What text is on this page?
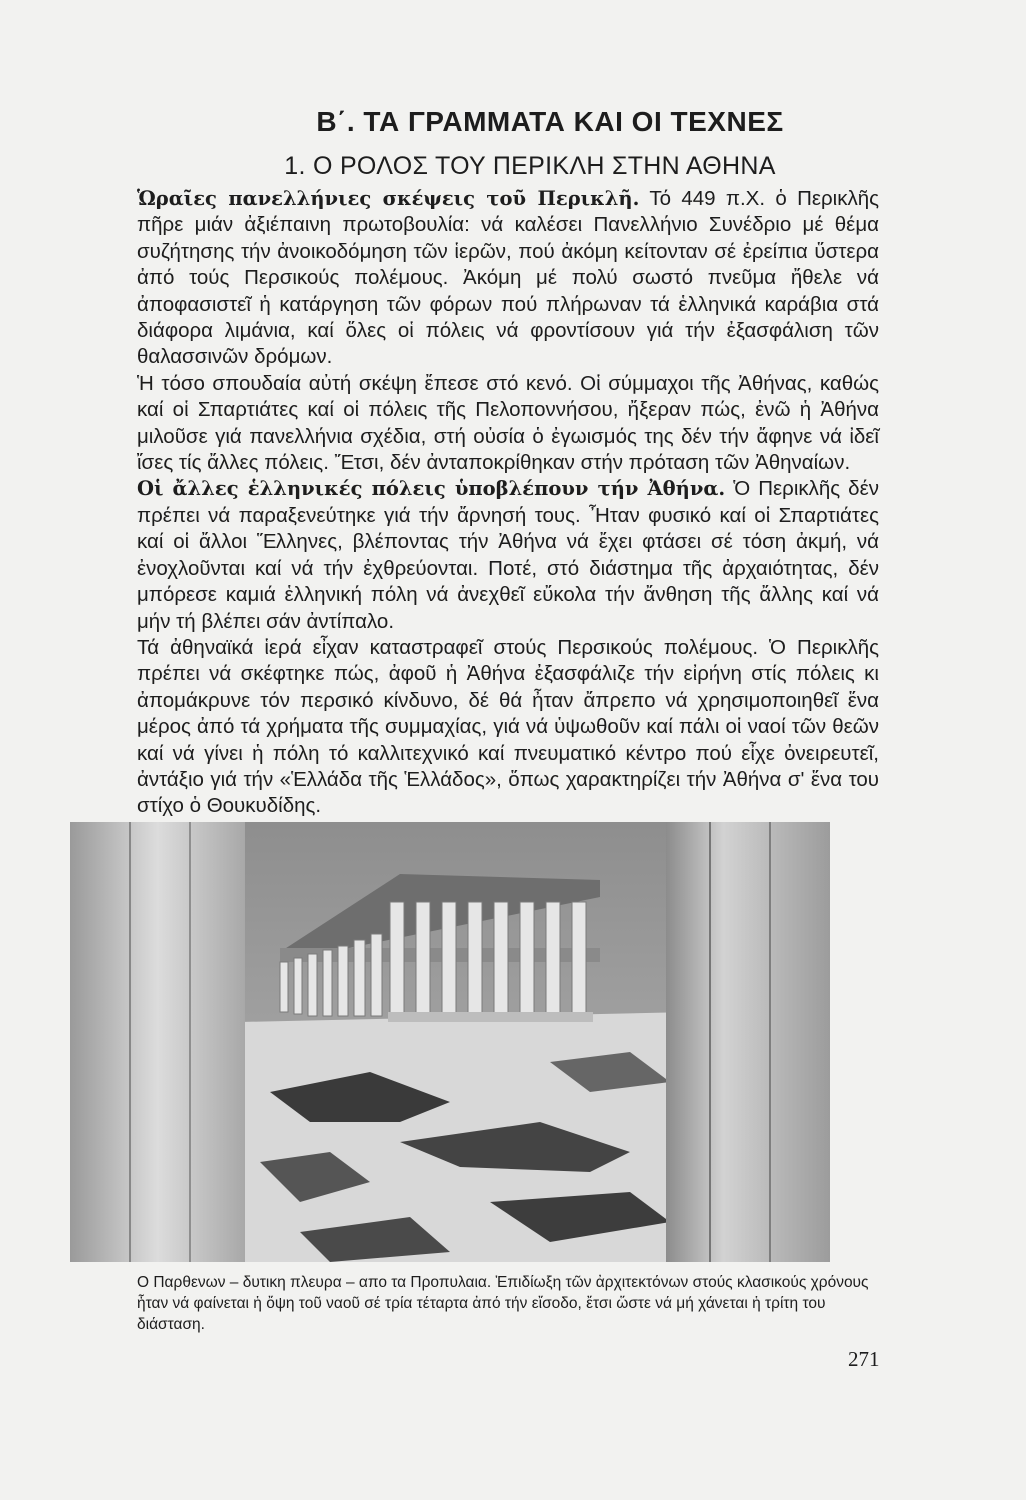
Β΄. ΤΑ ΓΡΑΜΜΑΤΑ ΚΑΙ ΟΙ ΤΕΧΝΕΣ
1. Ο ΡΟΛΟΣ ΤΟΥ ΠΕΡΙΚΛΗ ΣΤΗΝ ΑΘΗΝΑ

Ὡραῖες πανελλήνιες σκέψεις τοῦ Περικλῆ. Τό 449 π.Χ. ὁ Περικλῆς πῆρε μιάν ἀξιέπαινη πρωτοβουλία: νά καλέσει Πανελλήνιο Συνέδριο μέ θέμα συζήτησης τήν ἀνοικοδόμηση τῶν ἱερῶν, πού ἀκόμη κείτονταν σέ ἐρείπια ὕστερα ἀπό τούς Περσικούς πολέμους. Ἀκόμη μέ πολύ σωστό πνεῦμα ἤθελε νά ἀποφασιστεῖ ἡ κατάργηση τῶν φόρων πού πλήρωναν τά ἑλληνικά καράβια στά διάφορα λιμάνια, καί ὅλες οἱ πόλεις νά φροντίσουν γιά τήν ἐξασφάλιση τῶν θαλασσινῶν δρόμων.

Ἡ τόσο σπουδαία αὐτή σκέψη ἔπεσε στό κενό. Οἱ σύμμαχοι τῆς Ἀθήνας, καθώς καί οἱ Σπαρτιάτες καί οἱ πόλεις τῆς Πελοποννήσου, ἤξεραν πώς, ἐνῶ ἡ Ἀθήνα μιλοῦσε γιά πανελλήνια σχέδια, στή οὐσία ὁ ἐγωισμός της δέν τήν ἄφηνε νά ἰδεῖ ἴσες τίς ἄλλες πόλεις. Ἔτσι, δέν ἀνταποκρίθηκαν στήν πρόταση τῶν Ἀθηναίων.

Οἱ ἄλλες ἑλληνικές πόλεις ὑποβλέπουν τήν Ἀθήνα. Ὁ Περικλῆς δέν πρέπει νά παραξενεύτηκε γιά τήν ἄρνησή τους. Ἦταν φυσικό καί οἱ Σπαρτιάτες καί οἱ ἄλλοι Ἕλληνες, βλέποντας τήν Ἀθήνα νά ἔχει φτάσει σέ τόση ἀκμή, νά ἐνοχλοῦνται καί νά τήν ἐχθρεύονται. Ποτέ, στό διάστημα τῆς ἀρχαιότητας, δέν μπόρεσε καμιά ἑλληνική πόλη νά ἀνεχθεῖ εὔκολα τήν ἄνθηση τῆς ἄλλης καί νά μήν τή βλέπει σάν ἀντίπαλο.

Τά ἀθηναϊκά ἱερά εἶχαν καταστραφεῖ στούς Περσικούς πολέμους. Ὁ Περικλῆς πρέπει νά σκέφτηκε πώς, ἀφοῦ ἡ Ἀθήνα ἐξασφάλιζε τήν εἰρήνη στίς πόλεις κι ἀπομάκρυνε τόν περσικό κίνδυνο, δέ θά ἦταν ἄπρεπο νά χρησιμοποιηθεῖ ἕνα μέρος ἀπό τά χρήματα τῆς συμμαχίας, γιά νά ὑψωθοῦν καί πάλι οἱ ναοί τῶν θεῶν καί νά γίνει ἡ πόλη τό καλλιτεχνικό καί πνευματικό κέντρο πού εἶχε ὀνειρευτεῖ, ἀντάξιο γιά τήν «Ἑλλάδα τῆς Ἑλλάδος», ὅπως χαρακτηρίζει τήν Ἀθήνα σ' ἕνα του στίχο ὁ Θουκυδίδης.

Ο Παρθενων – δυτικη πλευρα – απο τα Προπυλαια. Ἐπιδίωξη τῶν ἀρχιτεκτόνων στούς κλασικούς χρόνους ἦταν νά φαίνεται ἡ ὄψη τοῦ ναοῦ σέ τρία τέταρτα ἀπό τήν εἴσοδο, ἔτσι ὥστε νά μή χάνεται ἡ τρίτη του διάσταση.

271
